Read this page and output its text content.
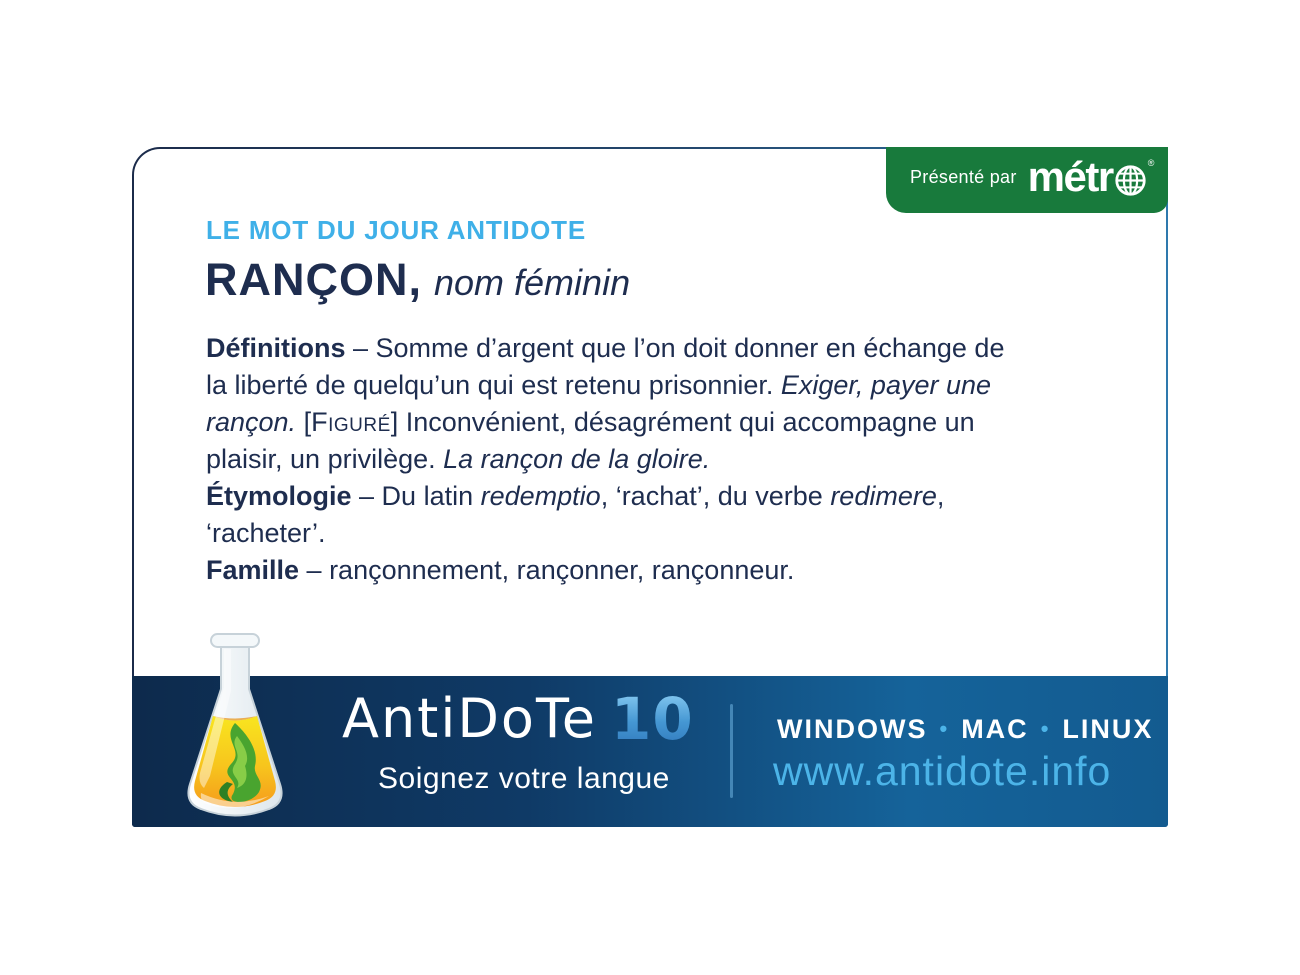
LE MOT DU JOUR ANTIDOTE
RANÇON, nom féminin

Définitions – Somme d’argent que l’on doit donner en échange de
la liberté de quelqu’un qui est retenu prisonnier. Exiger, payer une
rançon. [Figuré] Inconvénient, désagrément qui accompagne un
plaisir, un privilège. La rançon de la gloire.

Étymologie – Du latin redemptio, ‘rachat’, du verbe redimere,
‘racheter’.

Famille – rançonnement, rançonner, rançonneur.

AntiDoTe 10
Soignez votre langue
WINDOWS • MAC • LINUX
www.antidote.info
Présenté par métr	®
